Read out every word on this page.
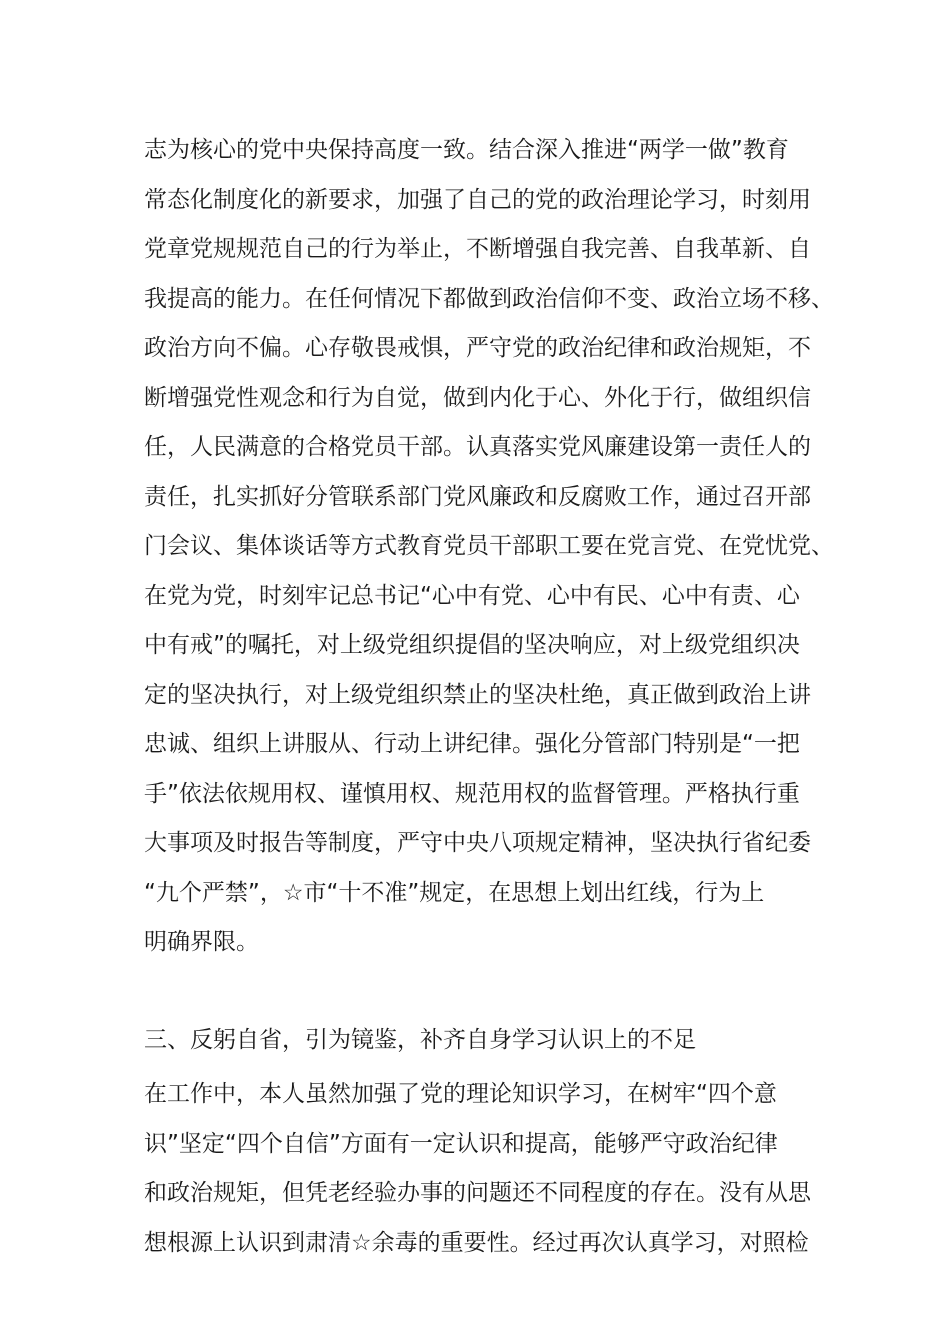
志为核心的党中央保持高度一致。结合深入推进“两学一做”教育
常态化制度化的新要求，加强了自己的党的政治理论学习，时刻用
党章党规规范自己的行为举止，不断增强自我完善、自我革新、自
我提高的能力。在任何情况下都做到政治信仰不变、政治立场不移、
政治方向不偏。心存敬畏戒惧，严守党的政治纪律和政治规矩，不
断增强党性观念和行为自觉，做到内化于心、外化于行，做组织信
任，人民满意的合格党员干部。认真落实党风廉建设第一责任人的
责任，扎实抓好分管联系部门党风廉政和反腐败工作，通过召开部
门会议、集体谈话等方式教育党员干部职工要在党言党、在党忧党、
在党为党，时刻牢记总书记“心中有党、心中有民、心中有责、心
中有戒”的嘱托，对上级党组织提倡的坚决响应，对上级党组织决
定的坚决执行，对上级党组织禁止的坚决杜绝，真正做到政治上讲
忠诚、组织上讲服从、行动上讲纪律。强化分管部门特别是“一把
手”依法依规用权、谨慎用权、规范用权的监督管理。严格执行重
大事项及时报告等制度，严守中央八项规定精神，坚决执行省纪委
“九个严禁”，☆市“十不准”规定，在思想上划出红线，行为上
明确界限。
三、反躬自省，引为镜鉴，补齐自身学习认识上的不足
在工作中，本人虽然加强了党的理论知识学习，在树牢“四个意
识”坚定“四个自信”方面有一定认识和提高，能够严守政治纪律
和政治规矩，但凭老经验办事的问题还不同程度的存在。没有从思
想根源上认识到肃清☆余毒的重要性。经过再次认真学习，对照检
